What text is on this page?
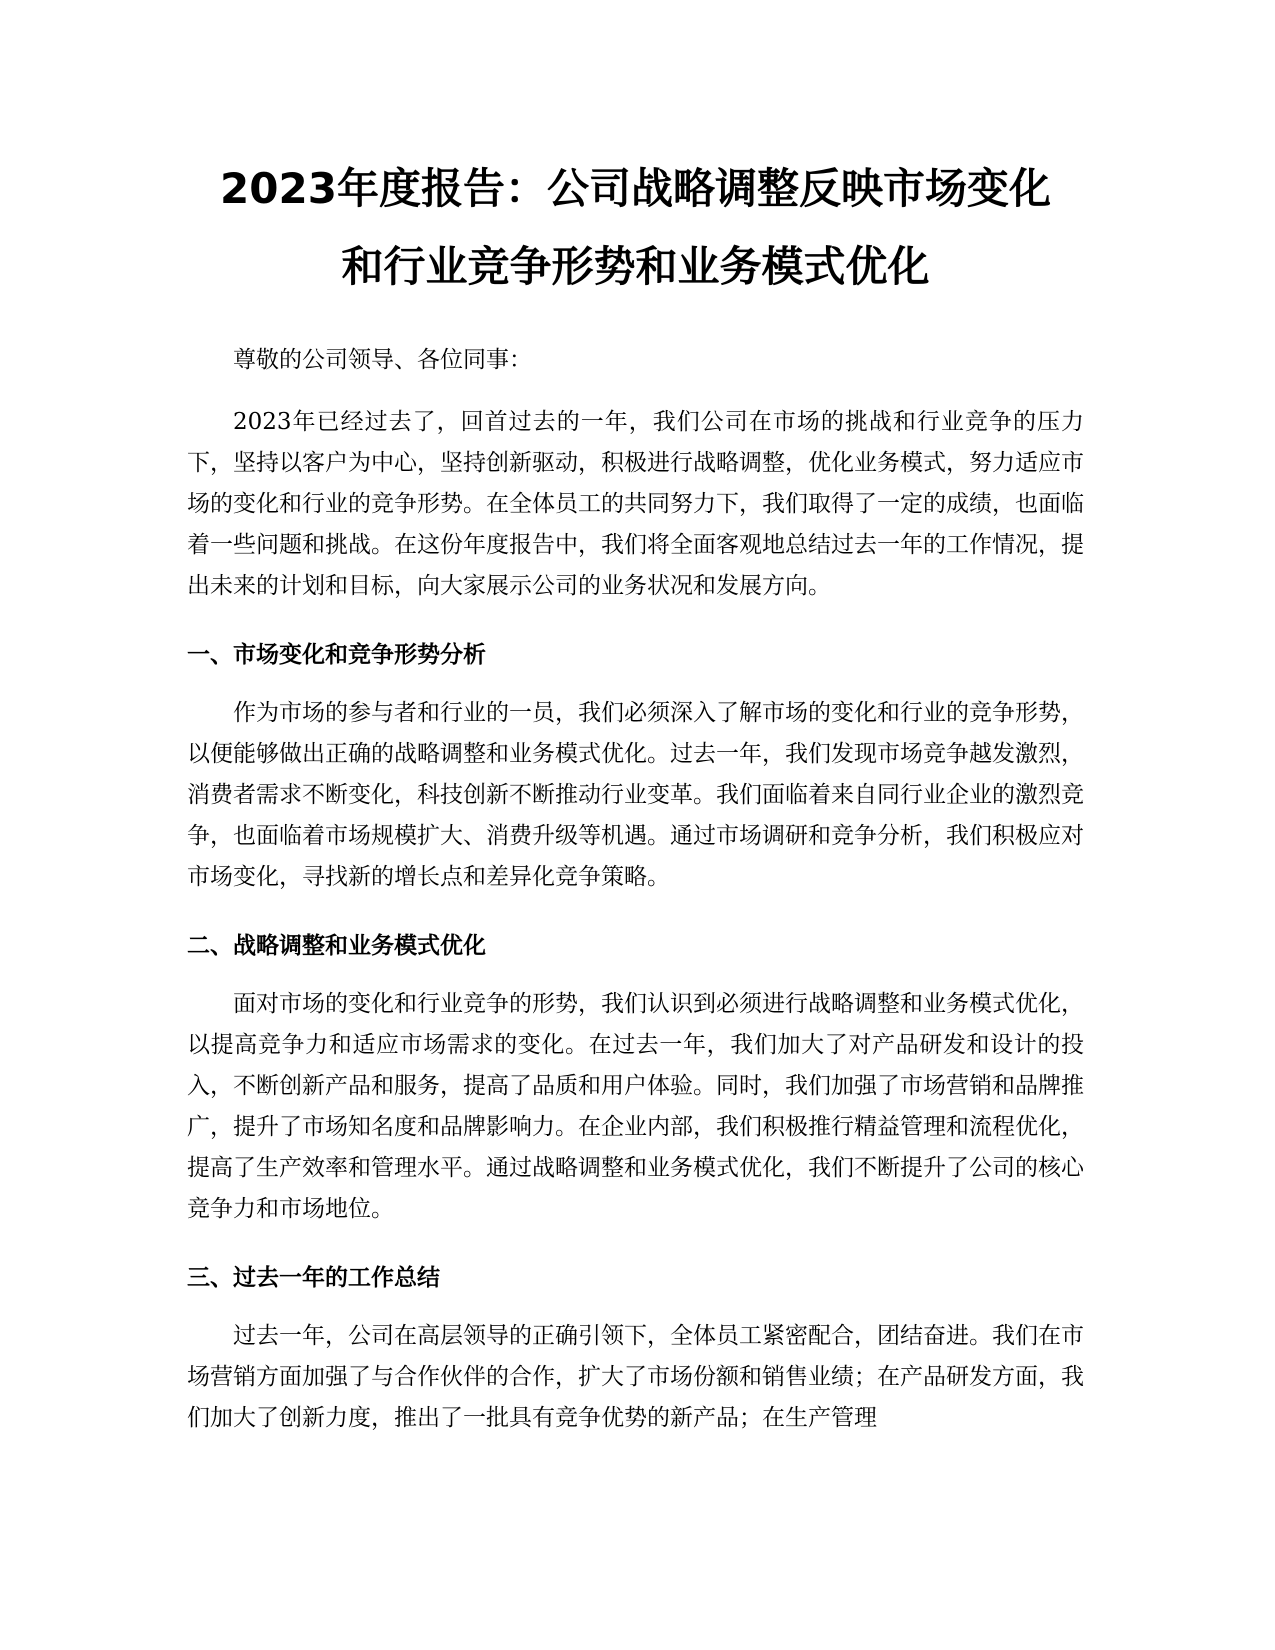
2023年度报告：公司战略调整反映市场变化
和行业竞争形势和业务模式优化

尊敬的公司领导、各位同事：

2023年已经过去了，回首过去的一年，我们公司在市场的挑战和行业竞争的压力下，坚持以客户为中心，坚持创新驱动，积极进行战略调整，优化业务模式，努力适应市场的变化和行业的竞争形势。在全体员工的共同努力下，我们取得了一定的成绩，也面临着一些问题和挑战。在这份年度报告中，我们将全面客观地总结过去一年的工作情况，提出未来的计划和目标，向大家展示公司的业务状况和发展方向。

一、市场变化和竞争形势分析

作为市场的参与者和行业的一员，我们必须深入了解市场的变化和行业的竞争形势，以便能够做出正确的战略调整和业务模式优化。过去一年，我们发现市场竞争越发激烈，消费者需求不断变化，科技创新不断推动行业变革。我们面临着来自同行业企业的激烈竞争，也面临着市场规模扩大、消费升级等机遇。通过市场调研和竞争分析，我们积极应对市场变化，寻找新的增长点和差异化竞争策略。

二、战略调整和业务模式优化

面对市场的变化和行业竞争的形势，我们认识到必须进行战略调整和业务模式优化，以提高竞争力和适应市场需求的变化。在过去一年，我们加大了对产品研发和设计的投入，不断创新产品和服务，提高了品质和用户体验。同时，我们加强了市场营销和品牌推广，提升了市场知名度和品牌影响力。在企业内部，我们积极推行精益管理和流程优化，提高了生产效率和管理水平。通过战略调整和业务模式优化，我们不断提升了公司的核心竞争力和市场地位。

三、过去一年的工作总结

过去一年，公司在高层领导的正确引领下，全体员工紧密配合，团结奋进。我们在市场营销方面加强了与合作伙伴的合作，扩大了市场份额和销售业绩；在产品研发方面，我们加大了创新力度，推出了一批具有竞争优势的新产品；在生产管理
